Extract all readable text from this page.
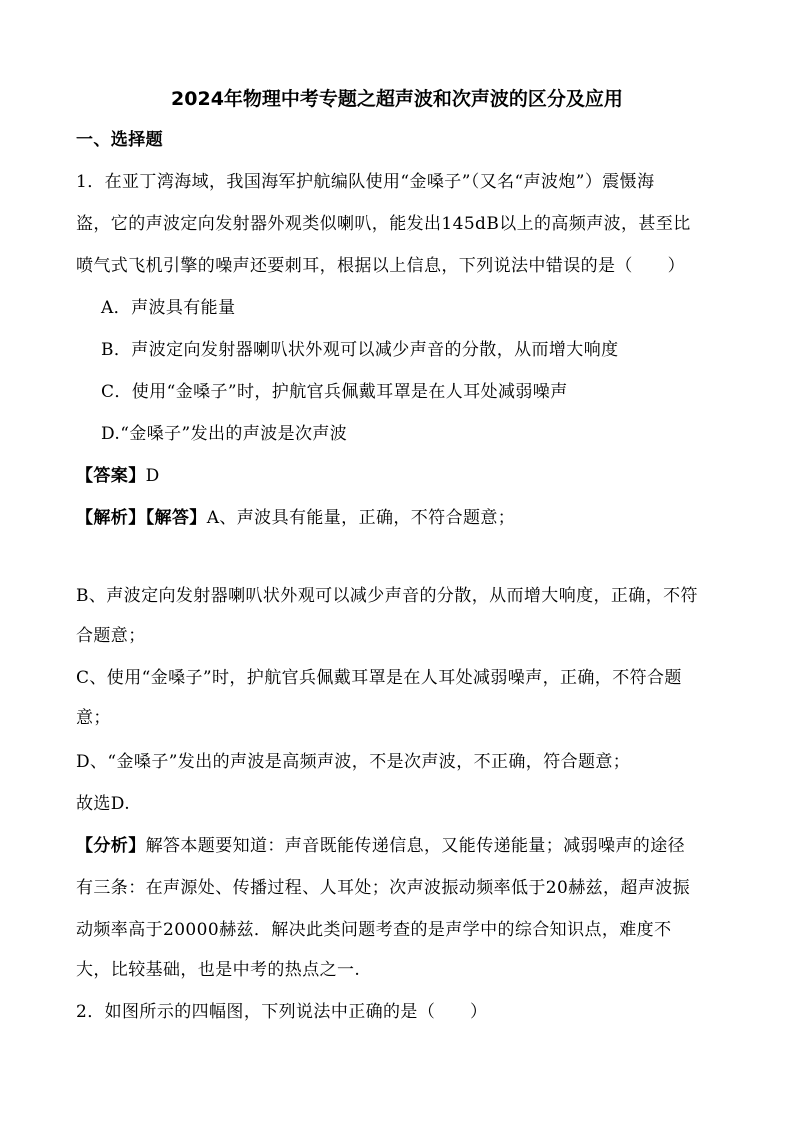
2024年物理中考专题之超声波和次声波的区分及应用
一、选择题
1．在亚丁湾海域，我国海军护航编队使用“金嗓子”（又名“声波炮”）震慑海
盗，它的声波定向发射器外观类似喇叭，能发出145dB以上的高频声波，甚至比
喷气式飞机引擎的噪声还要刺耳，根据以上信息，下列说法中错误的是（　　）
A．声波具有能量
B．声波定向发射器喇叭状外观可以减少声音的分散，从而增大响度
C．使用“金嗓子”时，护航官兵佩戴耳罩是在人耳处减弱噪声
D.“金嗓子”发出的声波是次声波
【答案】D
【解析】【解答】A、声波具有能量，正确，不符合题意；
B、声波定向发射器喇叭状外观可以减少声音的分散，从而增大响度，正确，不符
合题意；
C、使用“金嗓子”时，护航官兵佩戴耳罩是在人耳处减弱噪声，正确，不符合题
意；
D、“金嗓子”发出的声波是高频声波，不是次声波，不正确，符合题意；
故选D.
【分析】解答本题要知道：声音既能传递信息，又能传递能量；减弱噪声的途径
有三条：在声源处、传播过程、人耳处；次声波振动频率低于20赫兹，超声波振
动频率高于20000赫兹．解决此类问题考查的是声学中的综合知识点，难度不
大，比较基础，也是中考的热点之一.
2．如图所示的四幅图，下列说法中正确的是（　　）
